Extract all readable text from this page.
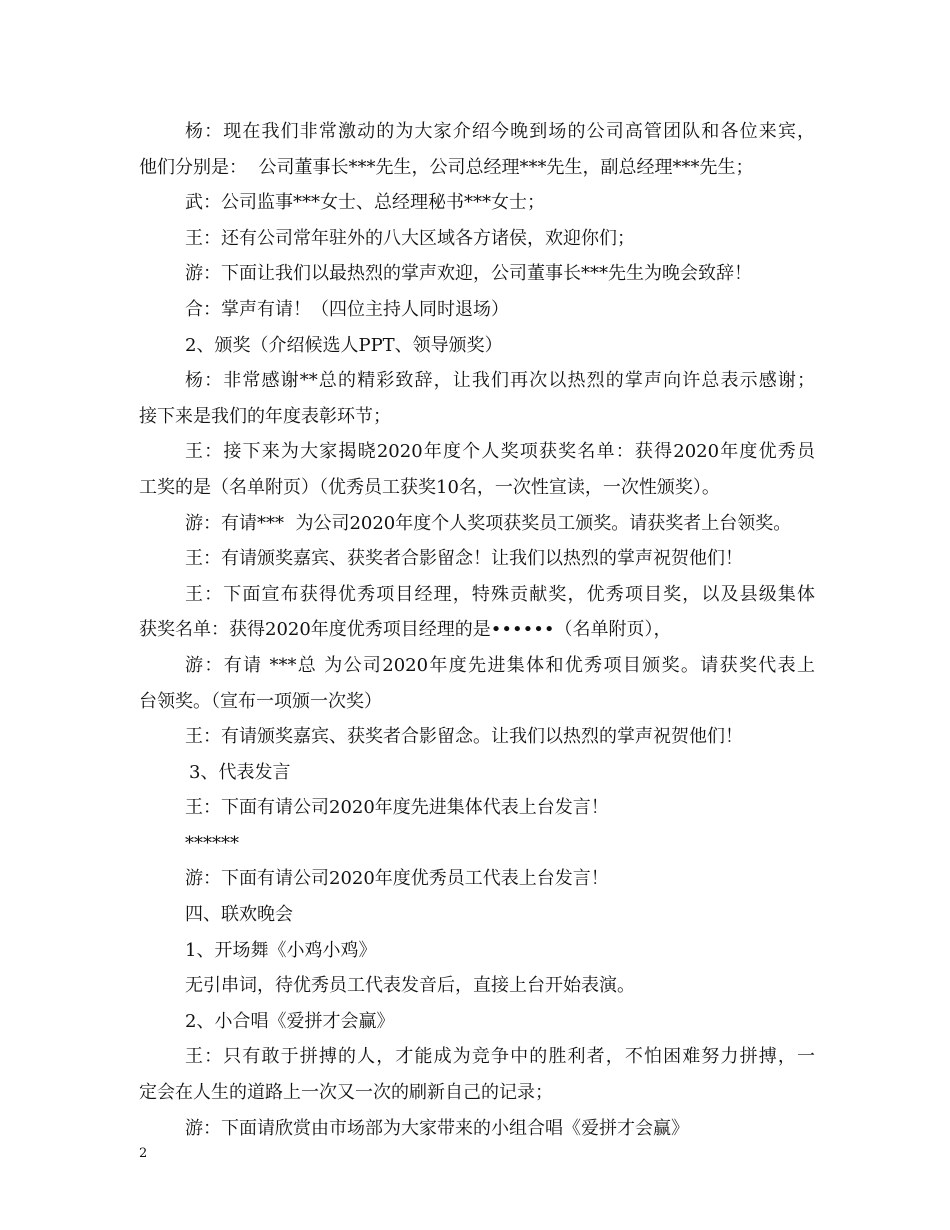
杨：现在我们非常激动的为大家介绍今晚到场的公司高管团队和各位来宾，

他们分别是：  公司董事长***先生，公司总经理***先生，副总经理***先生；

武：公司监事***女士、总经理秘书***女士；

王：还有公司常年驻外的八大区域各方诸侯，欢迎你们；

游：下面让我们以最热烈的掌声欢迎，公司董事长***先生为晚会致辞！

合：掌声有请！（四位主持人同时退场）

2、颁奖（介绍候选人PPT、领导颁奖）

杨：非常感谢**总的精彩致辞，让我们再次以热烈的掌声向许总表示感谢；

接下来是我们的年度表彰环节；

王：接下来为大家揭晓2020年度个人奖项获奖名单：获得2020年度优秀员

工奖的是（名单附页）（优秀员工获奖10名，一次性宣读，一次性颁奖）。

游：有请***  为公司2020年度个人奖项获奖员工颁奖。请获奖者上台领奖。

王：有请颁奖嘉宾、获奖者合影留念！让我们以热烈的掌声祝贺他们！

王：下面宣布获得优秀项目经理，特殊贡献奖，优秀项目奖，以及县级集体

获奖名单：获得2020年度优秀项目经理的是••••••（名单附页），

游：有请 ***总 为公司2020年度先进集体和优秀项目颁奖。请获奖代表上

台领奖。（宣布一项颁一次奖）

王：有请颁奖嘉宾、获奖者合影留念。让我们以热烈的掌声祝贺他们！

3、代表发言

王：下面有请公司2020年度先进集体代表上台发言！

******

游：下面有请公司2020年度优秀员工代表上台发言！

四、联欢晚会

1、开场舞《小鸡小鸡》

无引串词，待优秀员工代表发音后，直接上台开始表演。

2、小合唱《爱拼才会赢》

王：只有敢于拼搏的人，才能成为竞争中的胜利者，不怕困难努力拼搏，一

定会在人生的道路上一次又一次的刷新自己的记录；

游：下面请欣赏由市场部为大家带来的小组合唱《爱拼才会赢》

2
